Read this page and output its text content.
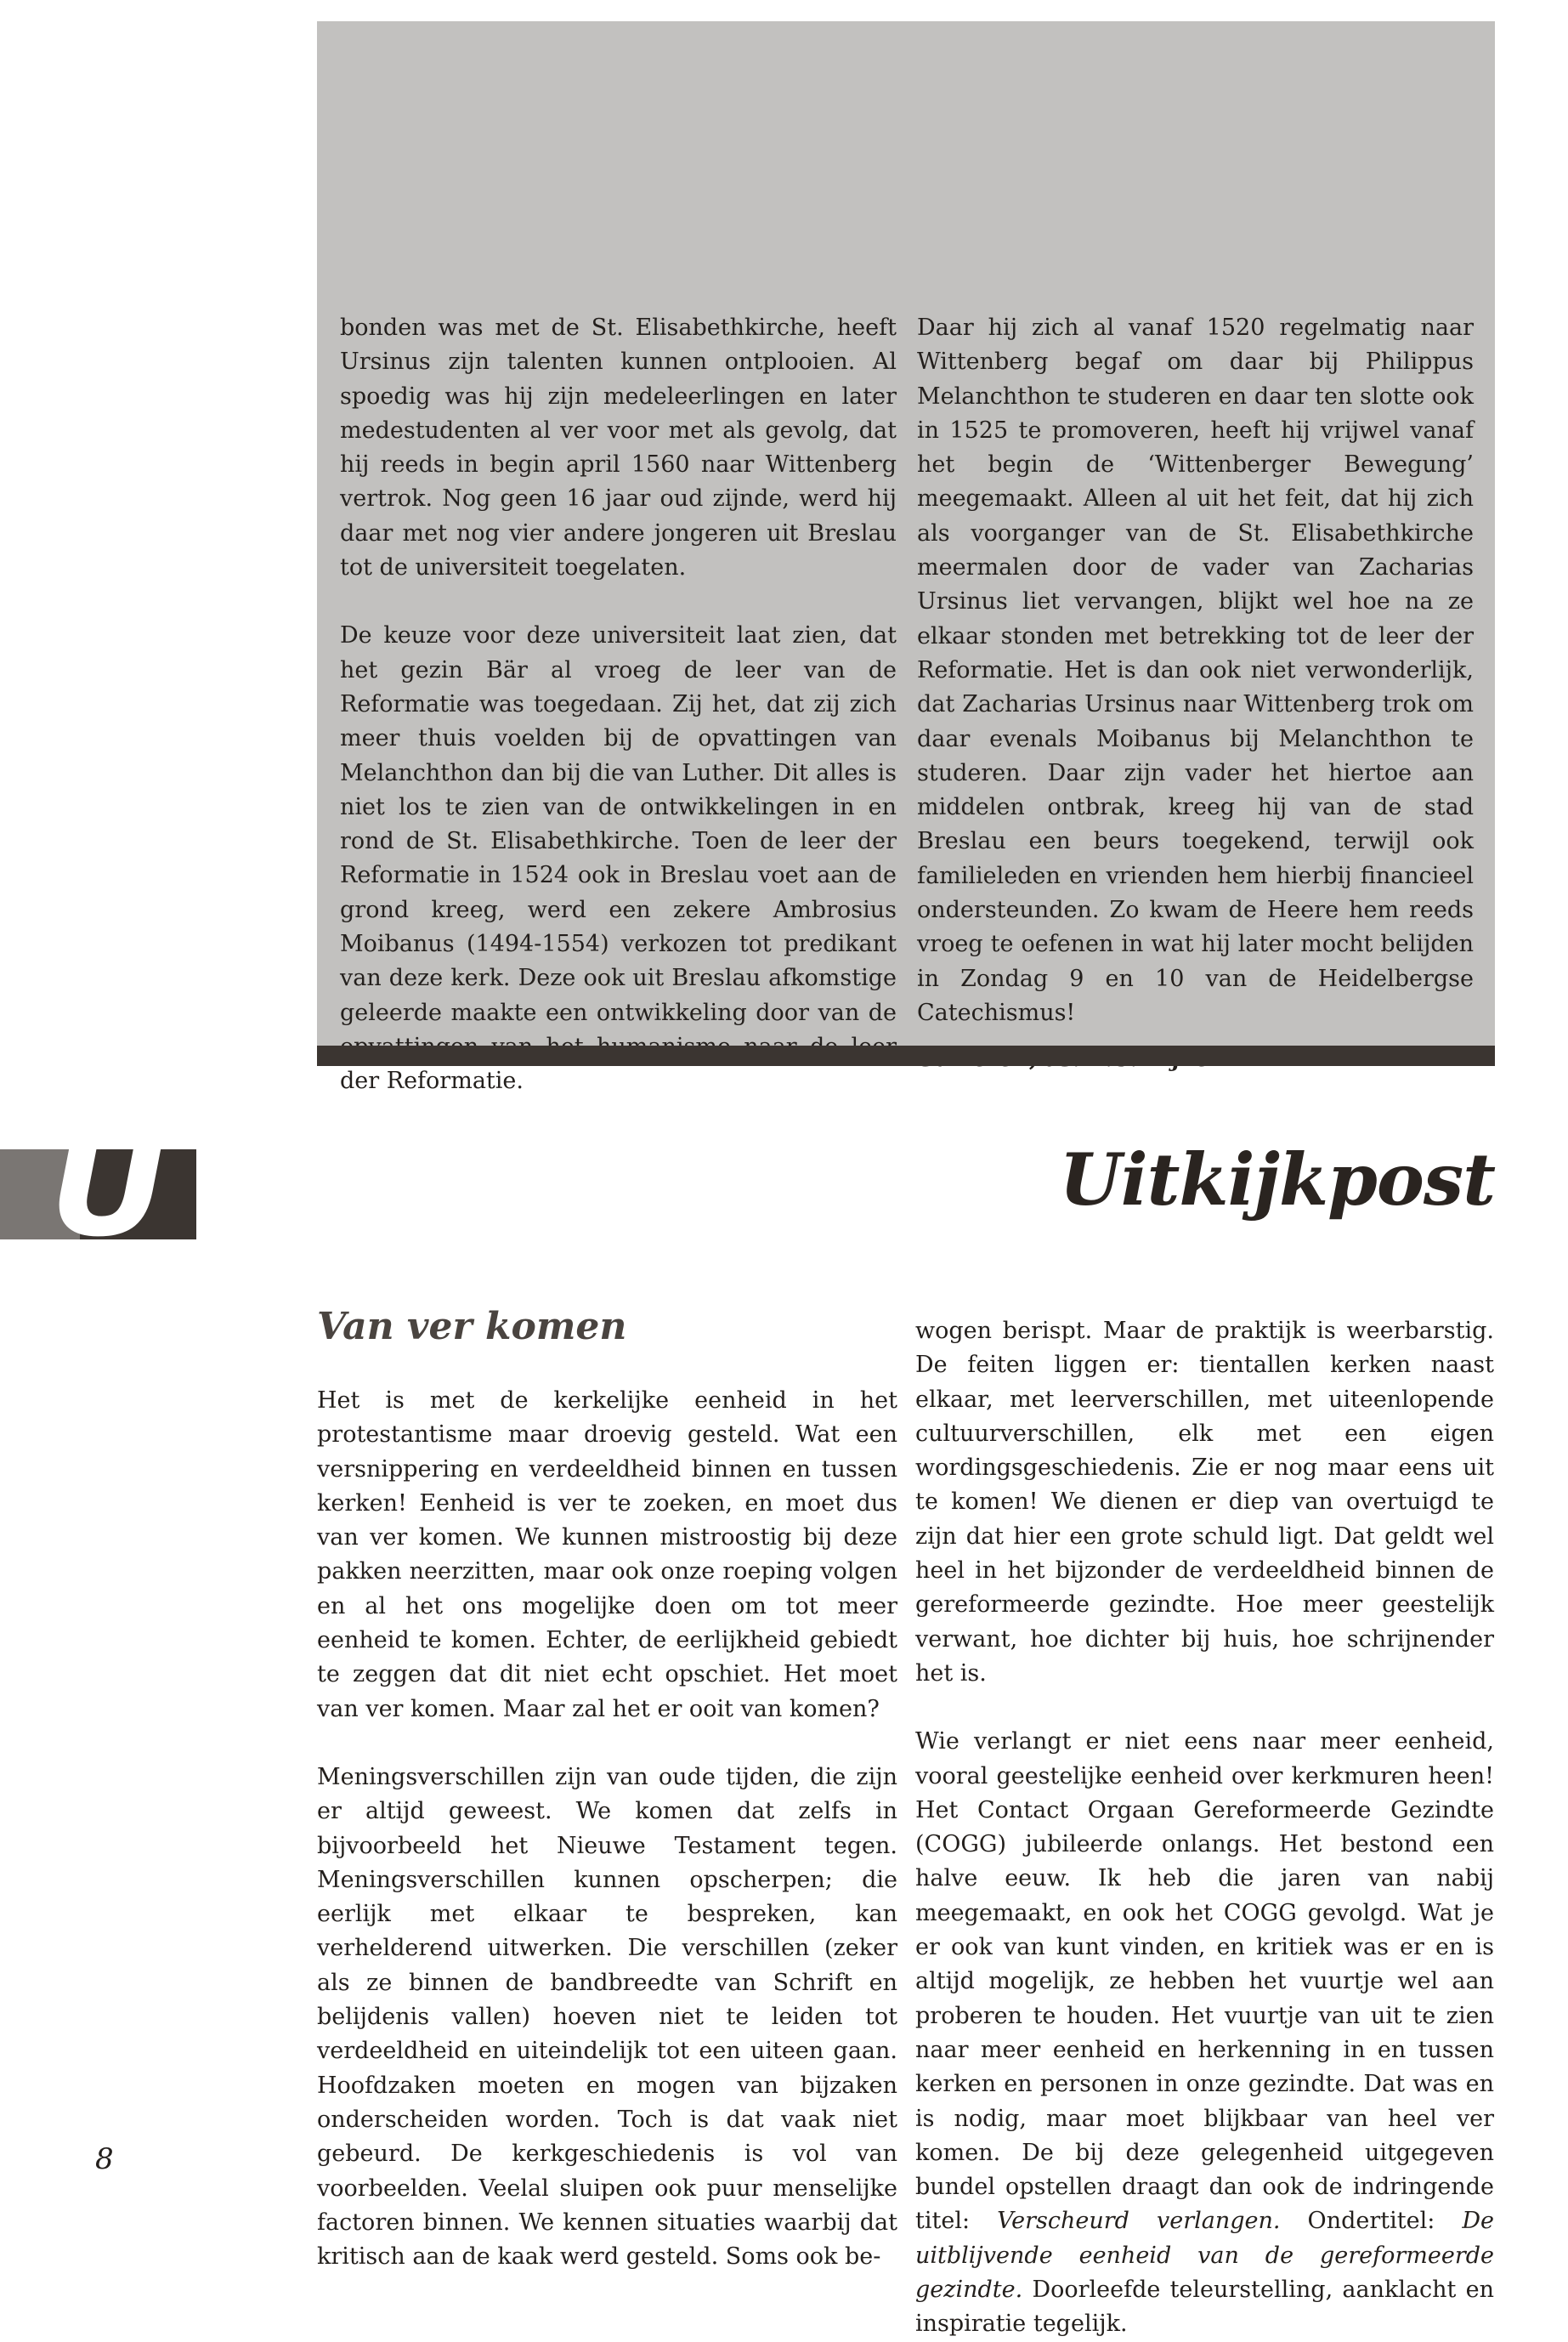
bonden was met de St. Elisabethkirche, heeft Ursinus zijn talenten kunnen ontplooien. Al spoedig was hij zijn medeleerlingen en later medestudenten al ver voor met als gevolg, dat hij reeds in begin april 1560 naar Wittenberg vertrok. Nog geen 16 jaar oud zijnde, werd hij daar met nog vier andere jongeren uit Breslau tot de universiteit toegelaten.

De keuze voor deze universiteit laat zien, dat het gezin Bär al vroeg de leer van de Reformatie was toegedaan. Zij het, dat zij zich meer thuis voelden bij de opvattingen van Melanchthon dan bij die van Luther. Dit alles is niet los te zien van de ontwikkelingen in en rond de St. Elisabethkirche. Toen de leer der Reformatie in 1524 ook in Breslau voet aan de grond kreeg, werd een zekere Ambrosius Moibanus (1494-1554) verkozen tot predikant van deze kerk. Deze ook uit Breslau afkomstige geleerde maakte een ontwikkeling door van de der Reformatie.

Daar hij zich al vanaf 1520 regelmatig naar Wittenberg begaf om daar bij Philippus Melanchthon te studeren en daar ten slotte ook in 1525 te promoveren, heeft hij vrijwel vanaf het begin de ‘Wittenberger Bewegung’ meegemaakt. Alleen al uit het feit, dat hij zich als voorganger van de St. Elisabethkirche meermalen door de vader van Zacharias Ursinus liet vervangen, blijkt wel hoe na ze elkaar stonden met betrekking tot de leer der Reformatie. Het is dan ook niet verwonderlijk, dat Zacharias Ursinus naar Wittenberg trok om daar evenals Moibanus bij Melanchthon te studeren. Daar zijn vader het hiertoe aan middelen ontbrak, kreeg hij van de stad Breslau een beurs toegekend, terwijl ook familieleden en vrienden hem hierbij financieel ondersteunden. Zo kwam de Heere hem reeds vroeg te oefenen in wat hij later mocht belijden in Zondag 9 en 10 van de Heidelbergse Catechismus!

U	Uitkijkpost
Van ver komen

Het is met de kerkelijke eenheid in het protestantisme maar droevig gesteld. Wat een versnippering en verdeeldheid binnen en tussen kerken! Eenheid is ver te zoeken, en moet dus van ver komen. We kunnen mistroostig bij deze pakken neerzitten, maar ook onze roeping volgen en al het ons mogelijke doen om tot meer eenheid te komen. Echter, de eerlijkheid gebiedt te zeggen dat dit niet echt opschiet. Het moet van ver komen. Maar zal het er ooit van komen?

Meningsverschillen zijn van oude tijden, die zijn er altijd geweest. We komen dat zelfs in bijvoorbeeld het Nieuwe Testament tegen. Meningsverschillen kunnen opscherpen; die eerlijk met elkaar te bespreken, kan verhelderend uitwerken. Die verschillen (zeker als ze binnen de bandbreedte van Schrift en belijdenis vallen) hoeven niet te leiden tot verdeeldheid en uiteindelijk tot een uiteen gaan. Hoofdzaken moeten en mogen van bijzaken onderscheiden worden. Toch is dat vaak niet gebeurd. De kerkgeschiedenis is vol van voorbeelden. Veelal sluipen ook puur menselijke factoren binnen. We kennen situaties waarbij dat kritisch aan de kaak werd gesteld. Soms ook be-

wogen berispt. Maar de praktijk is weerbarstig. De feiten liggen er: tientallen kerken naast elkaar, met leerverschillen, met uiteenlopende cultuurverschillen, elk met een eigen wordingsgeschiedenis. Zie er nog maar eens uit te komen! We dienen er diep van overtuigd te zijn dat hier een grote schuld ligt. Dat geldt wel heel in het bijzonder de verdeeldheid binnen de gereformeerde gezindte. Hoe meer geestelijk verwant, hoe dichter bij huis, hoe schrijnender het is.

Wie verlangt er niet eens naar meer eenheid, vooral geestelijke eenheid over kerkmuren heen! Het Contact Orgaan Gereformeerde Gezindte (COGG) jubileerde onlangs. Het bestond een halve eeuw. Ik heb die jaren van nabij meegemaakt, en ook het COGG gevolgd. Wat je er ook van kunt vinden, en kritiek was er en is altijd mogelijk, ze hebben het vuurtje wel aan proberen te houden. Het vuurtje van uit te zien naar meer eenheid en herkenning in en tussen kerken en personen in onze gezindte. Dat was en is nodig, maar moet blijkbaar van heel ver komen. De bij deze gelegenheid uitgegeven bundel opstellen draagt dan ook de indringende titel: Verscheurd verlangen. Ondertitel: De uitblijvende eenheid van de gereformeerde gezindte. Doorleefde teleurstelling, aanklacht en inspiratie tegelijk.

8
